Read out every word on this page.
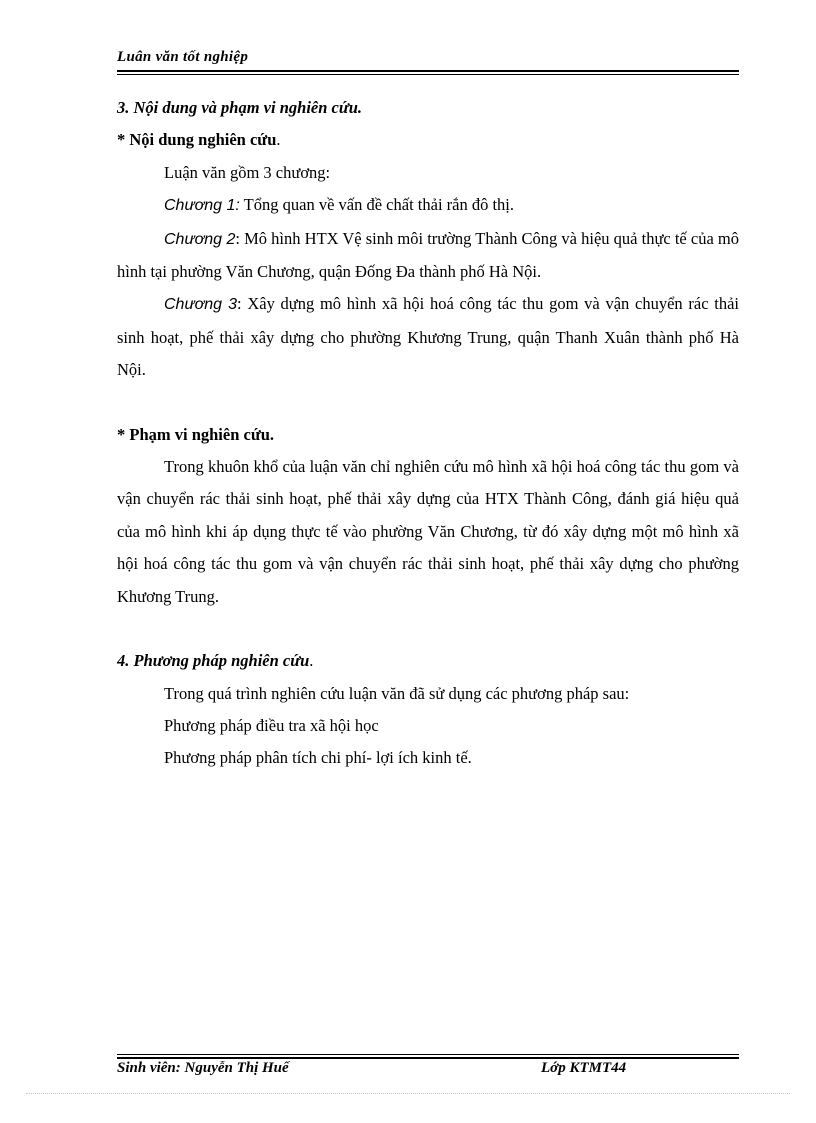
Luân văn tốt nghiệp

3. Nội dung và phạm vi nghiên cứu.

* Nội dung nghiên cứu.

Luận văn gồm 3 chương:

Chương 1: Tổng quan về vấn đề chất thải rắn đô thị.

Chương 2: Mô hình HTX Vệ sinh môi trường Thành Công và hiệu quả thực tế của mô hình tại phường Văn Chương, quận Đống Đa thành phố Hà Nội.

Chương 3: Xây dựng mô hình xã hội hoá công tác thu gom và vận chuyển rác thải sinh hoạt, phế thải xây dựng cho phường Khương Trung, quận Thanh Xuân thành phố Hà Nội.

* Phạm vi nghiên cứu.

Trong khuôn khổ của luận văn chỉ nghiên cứu mô hình xã hội hoá công tác thu gom và vận chuyển rác thải sinh hoạt, phế thải xây dựng của HTX Thành Công, đánh giá hiệu quả của mô hình khi áp dụng thực tế vào phường Văn Chương, từ đó xây dựng một mô hình xã hội hoá công tác thu gom và vận chuyển rác thải sinh hoạt, phế thải xây dựng cho phường Khương Trung.

4. Phương pháp nghiên cứu.

Trong quá trình nghiên cứu luận văn đã sử dụng các phương pháp sau:

Phương pháp điều tra xã hội học

Phương pháp phân tích chi phí- lợi ích kinh tế.

Sinh viên: Nguyễn Thị Huế	Lớp KTMT44
